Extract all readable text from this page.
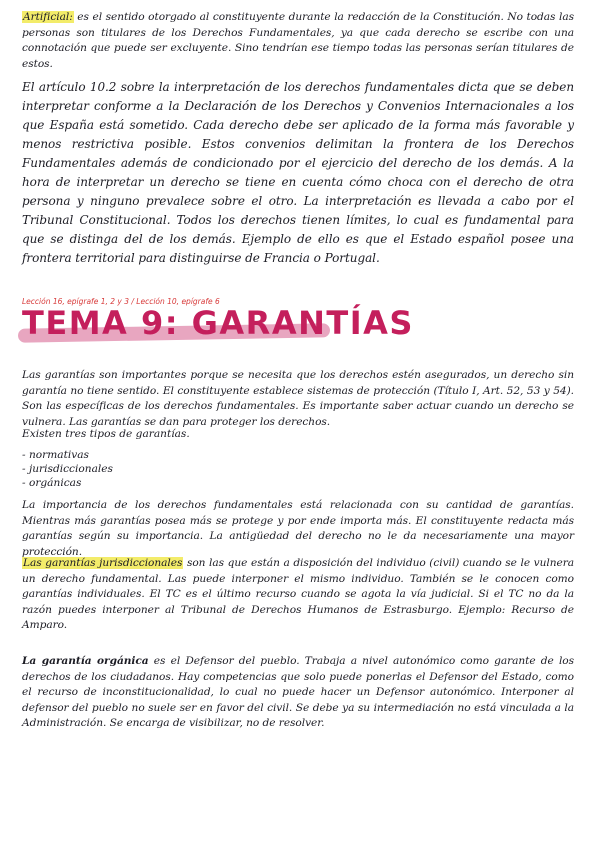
Artificial: es el sentido otorgado al constituyente durante la redacción de la Constitución. No todas las personas son titulares de los Derechos Fundamentales, ya que cada derecho se escribe con una connotación que puede ser excluyente. Sino tendrían ese tiempo todas las personas serían titulares de estos.

El artículo 10.2 sobre la interpretación de los derechos fundamentales dicta que se deben interpretar conforme a la Declaración de los Derechos y Convenios Internacionales a los que España está sometido. Cada derecho debe ser aplicado de la forma más favorable y menos restrictiva posible. Estos convenios delimitan la frontera de los Derechos Fundamentales además de condicionado por el ejercicio del derecho de los demás. A la hora de interpretar un derecho se tiene en cuenta cómo choca con el derecho de otra persona y ninguno prevalece sobre el otro. La interpretación es llevada a cabo por el Tribunal Constitucional. Todos los derechos tienen límites, lo cual es fundamental para que se distinga del de los demás. Ejemplo de ello es que el Estado español posee una frontera territorial para distinguirse de Francia o Portugal.

Lección 16, epígrafe 1, 2 y 3 / Lección 10, epígrafe 6

TEMA 9: GARANTÍAS

Las garantías son importantes porque se necesita que los derechos estén asegurados, un derecho sin garantía no tiene sentido. El constituyente establece sistemas de protección (Título I, Art. 52, 53 y 54). Son las específicas de los derechos fundamentales. Es importante saber actuar cuando un derecho se vulnera. Las garantías se dan para proteger los derechos.

Existen tres tipos de garantías.

- normativas
- jurisdiccionales
- orgánicas

La importancia de los derechos fundamentales está relacionada con su cantidad de garantías. Mientras más garantías posea más se protege y por ende importa más. El constituyente redacta más garantías según su importancia. La antigüedad del derecho no le da necesariamente una mayor protección.

Las garantías jurisdiccionales son las que están a disposición del individuo (civil) cuando se le vulnera un derecho fundamental. Las puede interponer el mismo individuo. También se le conocen como garantías individuales. El TC es el último recurso cuando se agota la vía judicial. Si el TC no da la razón puedes interponer al Tribunal de Derechos Humanos de Estrasburgo. Ejemplo: Recurso de Amparo.

La garantía orgánica es el Defensor del pueblo. Trabaja a nivel autonómico como garante de los derechos de los ciudadanos. Hay competencias que solo puede ponerlas el Defensor del Estado, como el recurso de inconstitucionalidad, lo cual no puede hacer un Defensor autonómico. Interponer al defensor del pueblo no suele ser en favor del civil. Se debe ya su intermediación no está vinculada a la Administración. Se encarga de visibilizar, no de resolver.
